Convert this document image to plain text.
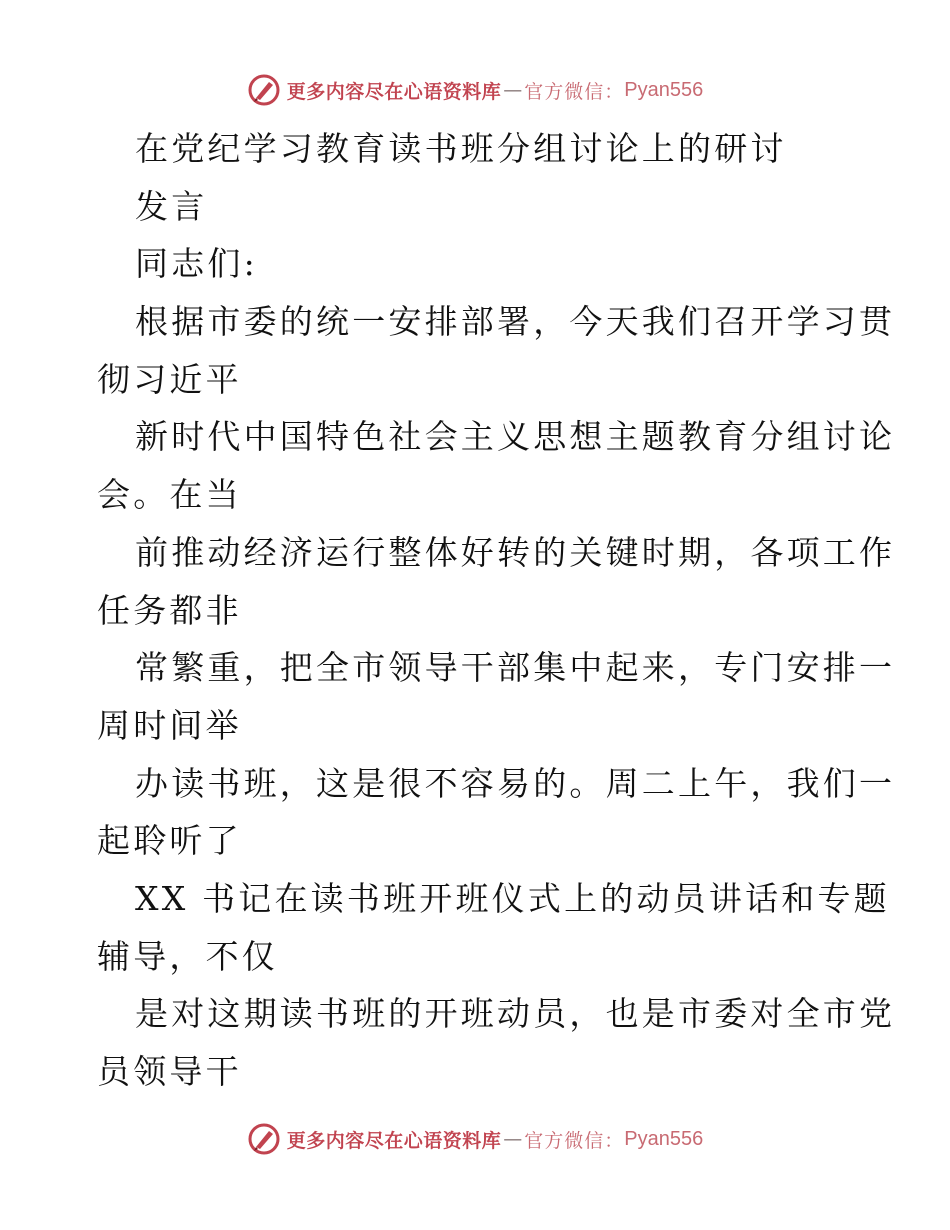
更多内容尽在心语资料库 — 官方微信： Pyan556
在党纪学习教育读书班分组讨论上的研讨
发言
同志们:
根据市委的统一安排部署，今天我们召开学习贯
彻习近平
新时代中国特色社会主义思想主题教育分组讨论
会。在当
前推动经济运行整体好转的关键时期，各项工作
任务都非
常繁重，把全市领导干部集中起来，专门安排一
周时间举
办读书班，这是很不容易的。周二上午，我们一
起聆听了
XX 书记在读书班开班仪式上的动员讲话和专题
辅导，不仅
是对这期读书班的开班动员，也是市委对全市党
员领导干
更多内容尽在心语资料库 — 官方微信： Pyan556
